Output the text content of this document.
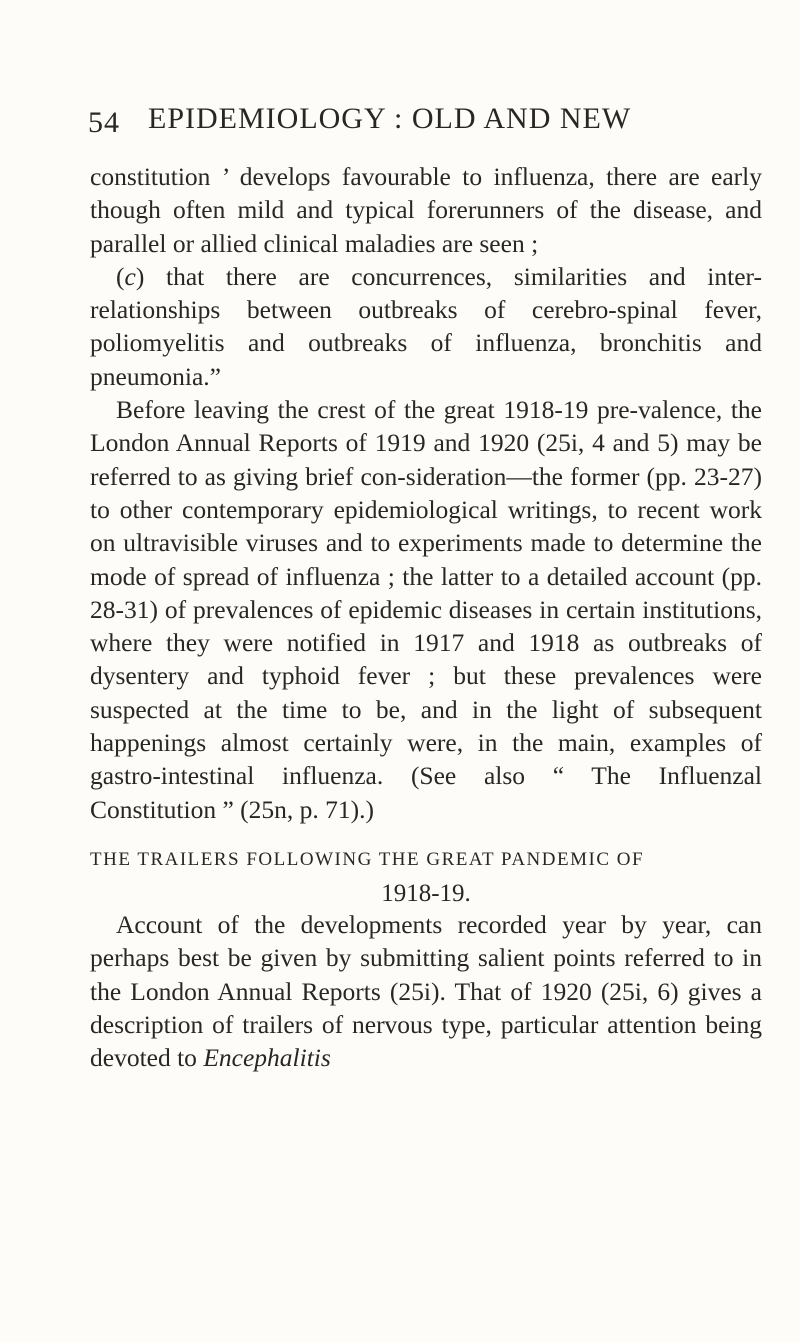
54 EPIDEMIOLOGY : OLD AND NEW

constitution ’ develops favourable to influenza, there are early though often mild and typical forerunners of the disease, and parallel or allied clinical maladies are seen ;

(c) that there are concurrences, similarities and inter-relationships between outbreaks of cerebro-spinal fever, poliomyelitis and outbreaks of influenza, bronchitis and pneumonia.”

Before leaving the crest of the great 1918-19 pre-valence, the London Annual Reports of 1919 and 1920 (25i, 4 and 5) may be referred to as giving brief con-sideration—the former (pp. 23-27) to other contemporary epidemiological writings, to recent work on ultravisible viruses and to experiments made to determine the mode of spread of influenza ; the latter to a detailed account (pp. 28-31) of prevalences of epidemic diseases in certain institutions, where they were notified in 1917 and 1918 as outbreaks of dysentery and typhoid fever ; but these prevalences were suspected at the time to be, and in the light of subsequent happenings almost certainly were, in the main, examples of gastro-intestinal influenza. (See also “ The Influenzal Constitution ” (25n, p. 71).)

THE TRAILERS FOLLOWING THE GREAT PANDEMIC OF
1918-19.

Account of the developments recorded year by year, can perhaps best be given by submitting salient points referred to in the London Annual Reports (25i). That of 1920 (25i, 6) gives a description of trailers of nervous type, particular attention being devoted to Encephalitis
